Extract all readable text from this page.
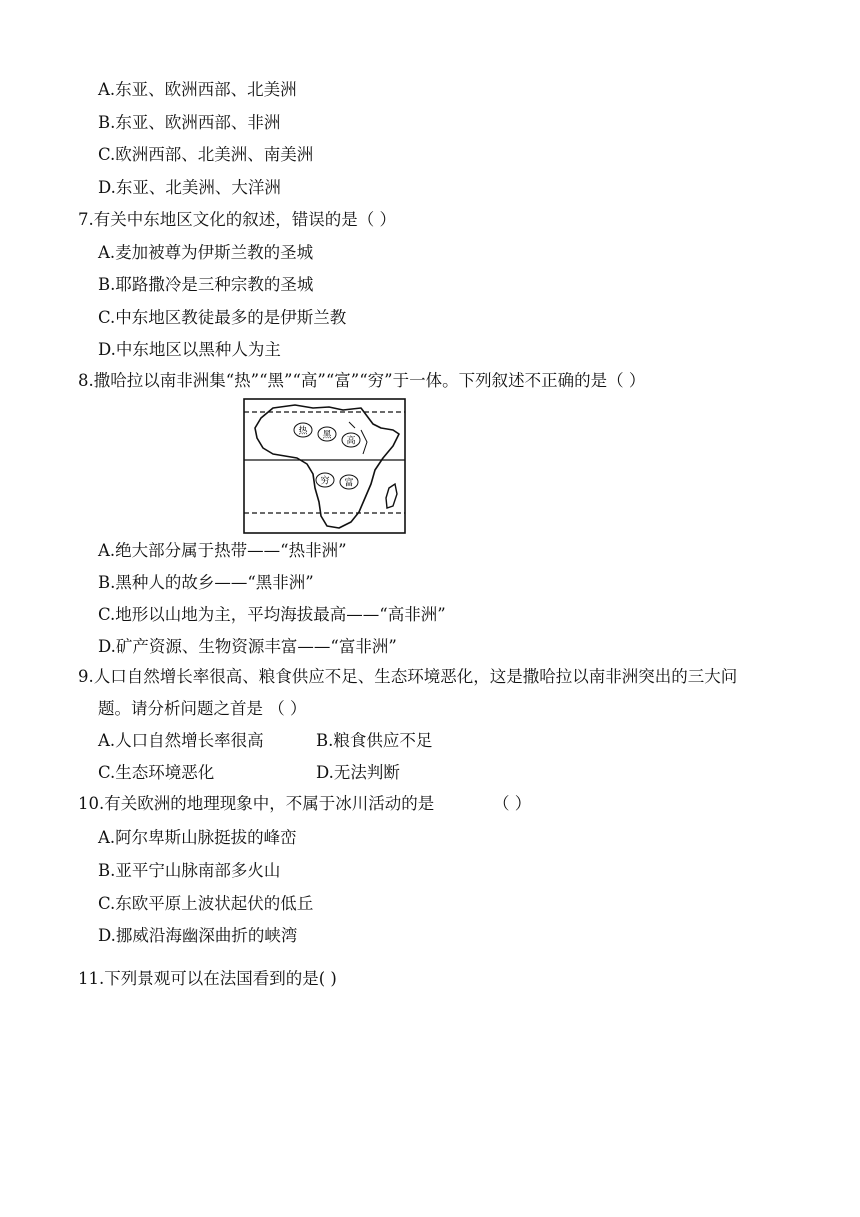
A.东亚、欧洲西部、北美洲
B.东亚、欧洲西部、非洲
C.欧洲西部、北美洲、南美洲
D.东亚、北美洲、大洋洲
7.有关中东地区文化的叙述，错误的是（ ）
A.麦加被尊为伊斯兰教的圣城
B.耶路撒冷是三种宗教的圣城
C.中东地区教徒最多的是伊斯兰教
D.中东地区以黑种人为主
8.撒哈拉以南非洲集“热”“黑”“高”“富”“穷”于一体。下列叙述不正确的是（ ）
热 黑
高
穷 富
A.绝大部分属于热带——“热非洲”
B.黑种人的故乡——“黑非洲”
C.地形以山地为主，平均海拔最高——“高非洲”
D.矿产资源、生物资源丰富——“富非洲”
9.人口自然增长率很高、粮食供应不足、生态环境恶化，这是撒哈拉以南非洲突出的三大问
题。请分析问题之首是 （ ）
A.人口自然增长率很高	B.粮食供应不足
C.生态环境恶化	D.无法判断
10.有关欧洲的地理现象中，不属于冰川活动的是	（ ）
A.阿尔卑斯山脉挺拔的峰峦
B.亚平宁山脉南部多火山
C.东欧平原上波状起伏的低丘
D.挪威沿海幽深曲折的峡湾
11.下列景观可以在法国看到的是( )
